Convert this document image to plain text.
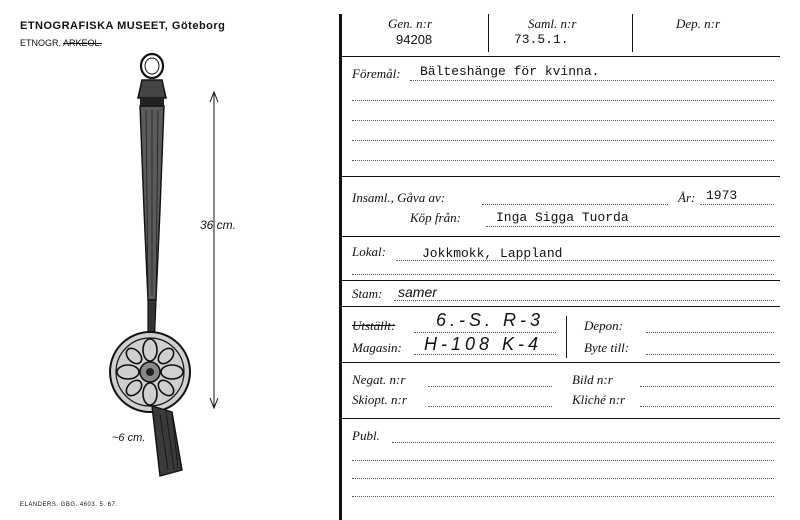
ETNOGRAFISKA MUSEET, Göteborg
ETNOGR. ARKEOL.
36 cm.
~6 cm.
ELANDERS. GBG. 4603. 5. 67.
Gen. n:r
94208
Saml. n:r
73.5.1.
Dep. n:r
Föremål: Bälteshänge för kvinna.
Insaml., Gåva av:	År: 1973
Köp från:	Inga Sigga Tuorda
Lokal:	Jokkmokk, Lappland
Stam: samer
Utställt: 6.-S. R-3
Magasin: H-108 K-4
Depon:
Byte till:
Negat. n:r
Skiopt. n:r
Bild n:r
Kliché n:r
Publ.
